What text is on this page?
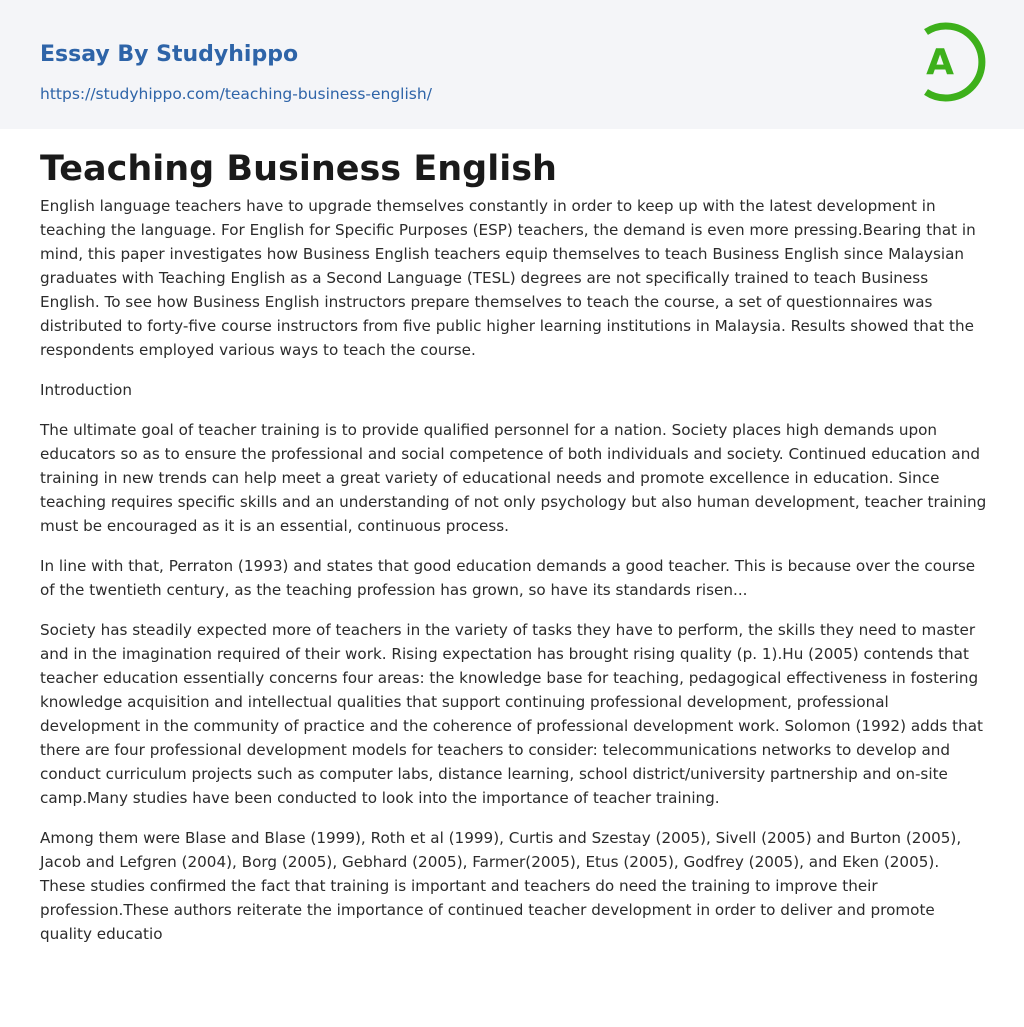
Essay By Studyhippo
https://studyhippo.com/teaching-business-english/
A
Teaching Business English

English language teachers have to upgrade themselves constantly in order to keep up with the latest development in teaching the language. For English for Specific Purposes (ESP) teachers, the demand is even more pressing.Bearing that in mind, this paper investigates how Business English teachers equip themselves to teach Business English since Malaysian graduates with Teaching English as a Second Language (TESL) degrees are not specifically trained to teach Business English. To see how Business English instructors prepare themselves to teach the course, a set of questionnaires was distributed to forty-five course instructors from five public higher learning institutions in Malaysia. Results showed that the respondents employed various ways to teach the course.

Introduction

The ultimate goal of teacher training is to provide qualified personnel for a nation. Society places high demands upon educators so as to ensure the professional and social competence of both individuals and society. Continued education and training in new trends can help meet a great variety of educational needs and promote excellence in education. Since teaching requires specific skills and an understanding of not only psychology but also human development, teacher training must be encouraged as it is an essential, continuous process.

In line with that, Perraton (1993) and states that good education demands a good teacher. This is because over the course of the twentieth century, as the teaching profession has grown, so have its standards risen...

Society has steadily expected more of teachers in the variety of tasks they have to perform, the skills they need to master and in the imagination required of their work. Rising expectation has brought rising quality (p. 1).Hu (2005) contends that teacher education essentially concerns four areas: the knowledge base for teaching, pedagogical effectiveness in fostering knowledge acquisition and intellectual qualities that support continuing professional development, professional development in the community of practice and the coherence of professional development work. Solomon (1992) adds that there are four professional development models for teachers to consider: telecommunications networks to develop and conduct curriculum projects such as computer labs, distance learning, school district/university partnership and on-site camp.Many studies have been conducted to look into the importance of teacher training.

Among them were Blase and Blase (1999), Roth et al (1999), Curtis and Szestay (2005), Sivell (2005) and Burton (2005), Jacob and Lefgren (2004), Borg (2005), Gebhard (2005), Farmer(2005), Etus (2005), Godfrey (2005), and Eken (2005). These studies confirmed the fact that training is important and teachers do need the training to improve their profession.These authors reiterate the importance of continued teacher development in order to deliver and promote quality educatio
